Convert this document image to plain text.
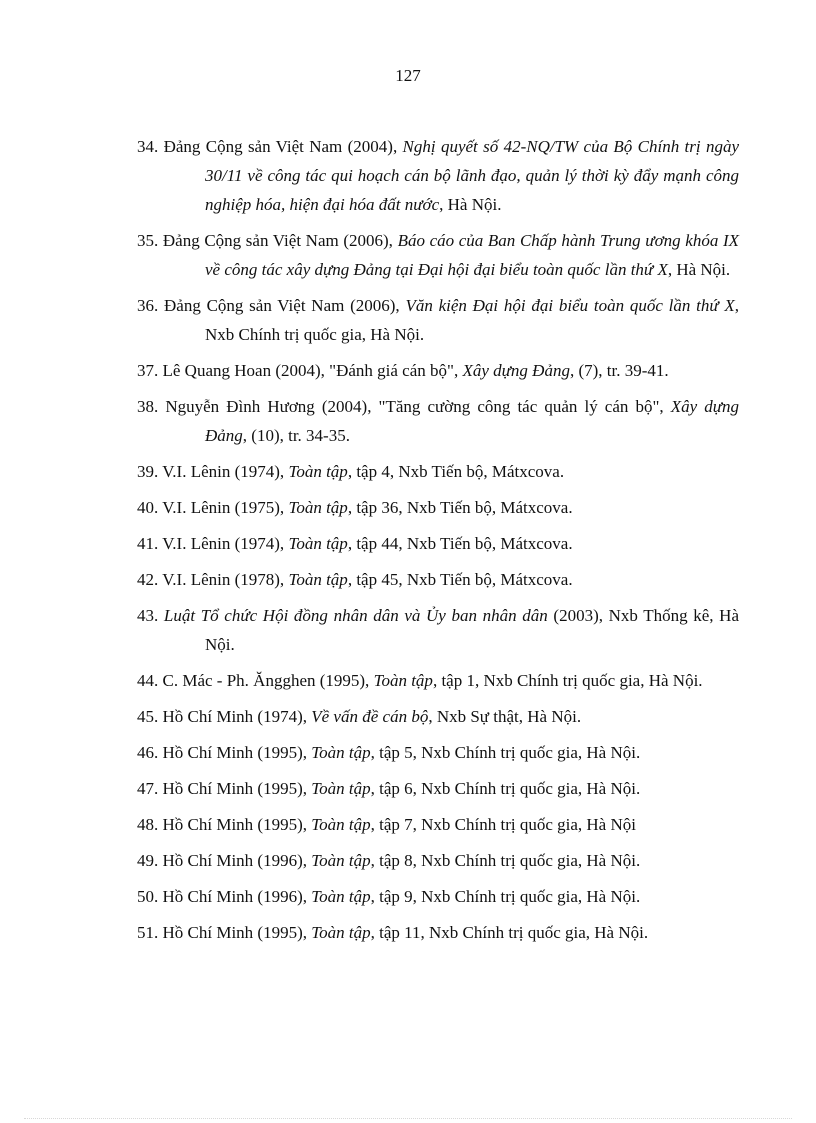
127
34. Đảng Cộng sản Việt Nam (2004), Nghị quyết số 42-NQ/TW của Bộ Chính trị ngày 30/11 về công tác qui hoạch cán bộ lãnh đạo, quản lý thời kỳ đẩy mạnh công nghiệp hóa, hiện đại hóa đất nước, Hà Nội.
35. Đảng Cộng sản Việt Nam (2006), Báo cáo của Ban Chấp hành Trung ương khóa IX về công tác xây dựng Đảng tại Đại hội đại biểu toàn quốc lần thứ X, Hà Nội.
36. Đảng Cộng sản Việt Nam (2006), Văn kiện Đại hội đại biểu toàn quốc lần thứ X, Nxb Chính trị quốc gia, Hà Nội.
37. Lê Quang Hoan (2004), "Đánh giá cán bộ", Xây dựng Đảng, (7), tr. 39-41.
38. Nguyễn Đình Hương (2004), "Tăng cường công tác quản lý cán bộ", Xây dựng Đảng, (10), tr. 34-35.
39. V.I. Lênin (1974), Toàn tập, tập 4, Nxb Tiến bộ, Mátxcova.
40. V.I. Lênin (1975), Toàn tập, tập 36, Nxb Tiến bộ, Mátxcova.
41. V.I. Lênin (1974), Toàn tập, tập 44, Nxb Tiến bộ, Mátxcova.
42. V.I. Lênin (1978), Toàn tập, tập 45, Nxb Tiến bộ, Mátxcova.
43. Luật Tổ chức Hội đồng nhân dân và Ủy ban nhân dân (2003), Nxb Thống kê, Hà Nội.
44. C. Mác - Ph. Ăngghen (1995), Toàn tập, tập 1, Nxb Chính trị quốc gia, Hà Nội.
45. Hồ Chí Minh (1974), Về vấn đề cán bộ, Nxb Sự thật, Hà Nội.
46. Hồ Chí Minh (1995), Toàn tập, tập 5, Nxb Chính trị quốc gia, Hà Nội.
47. Hồ Chí Minh (1995), Toàn tập, tập 6, Nxb Chính trị quốc gia, Hà Nội.
48. Hồ Chí Minh (1995), Toàn tập, tập 7, Nxb Chính trị quốc gia, Hà Nội
49. Hồ Chí Minh (1996), Toàn tập, tập 8, Nxb Chính trị quốc gia, Hà Nội.
50. Hồ Chí Minh (1996), Toàn tập, tập 9, Nxb Chính trị quốc gia, Hà Nội.
51. Hồ Chí Minh (1995), Toàn tập, tập 11, Nxb Chính trị quốc gia, Hà Nội.
